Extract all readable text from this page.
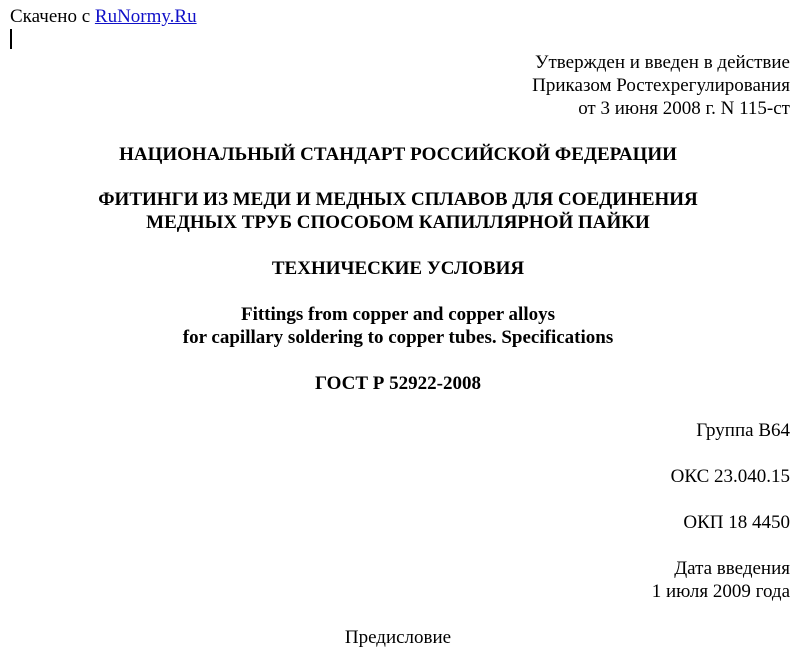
Скачено с RuNormy.Ru
Утвержден и введен в действие
Приказом Ростехрегулирования
от 3 июня 2008 г. N 115-ст
НАЦИОНАЛЬНЫЙ СТАНДАРТ РОССИЙСКОЙ ФЕДЕРАЦИИ
ФИТИНГИ ИЗ МЕДИ И МЕДНЫХ СПЛАВОВ ДЛЯ СОЕДИНЕНИЯ
МЕДНЫХ ТРУБ СПОСОБОМ КАПИЛЛЯРНОЙ ПАЙКИ
ТЕХНИЧЕСКИЕ УСЛОВИЯ
Fittings from copper and copper alloys
for capillary soldering to copper tubes. Specifications
ГОСТ Р 52922-2008
Группа В64
ОКС 23.040.15
ОКП 18 4450
Дата введения
1 июля 2009 года
Предисловие
